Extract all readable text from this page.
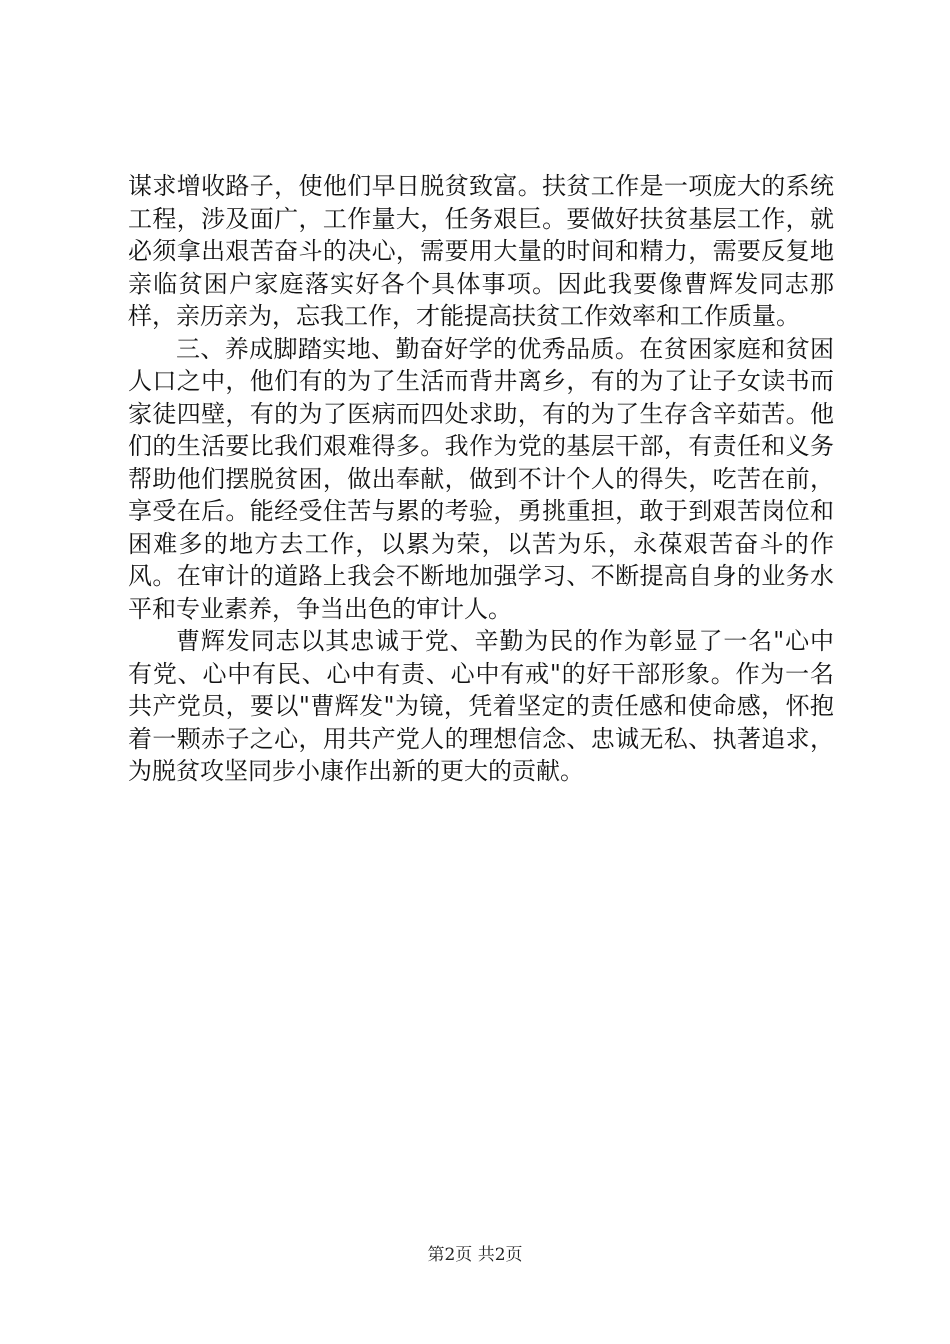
谋求增收路子，使他们早日脱贫致富。扶贫工作是一项庞大的系统工程，涉及面广，工作量大，任务艰巨。要做好扶贫基层工作，就必须拿出艰苦奋斗的决心，需要用大量的时间和精力，需要反复地亲临贫困户家庭落实好各个具体事项。因此我要像曹辉发同志那样，亲历亲为，忘我工作，才能提高扶贫工作效率和工作质量。

三、养成脚踏实地、勤奋好学的优秀品质。在贫困家庭和贫困人口之中，他们有的为了生活而背井离乡，有的为了让子女读书而家徒四壁，有的为了医病而四处求助，有的为了生存含辛茹苦。他们的生活要比我们艰难得多。我作为党的基层干部，有责任和义务帮助他们摆脱贫困，做出奉献，做到不计个人的得失，吃苦在前，享受在后。能经受住苦与累的考验，勇挑重担，敢于到艰苦岗位和困难多的地方去工作，以累为荣，以苦为乐，永葆艰苦奋斗的作风。在审计的道路上我会不断地加强学习、不断提高自身的业务水平和专业素养，争当出色的审计人。

曹辉发同志以其忠诚于党、辛勤为民的作为彰显了一名"心中有党、心中有民、心中有责、心中有戒"的好干部形象。作为一名共产党员，要以"曹辉发"为镜，凭着坚定的责任感和使命感，怀抱着一颗赤子之心，用共产党人的理想信念、忠诚无私、执著追求，为脱贫攻坚同步小康作出新的更大的贡献。

第2页 共2页
